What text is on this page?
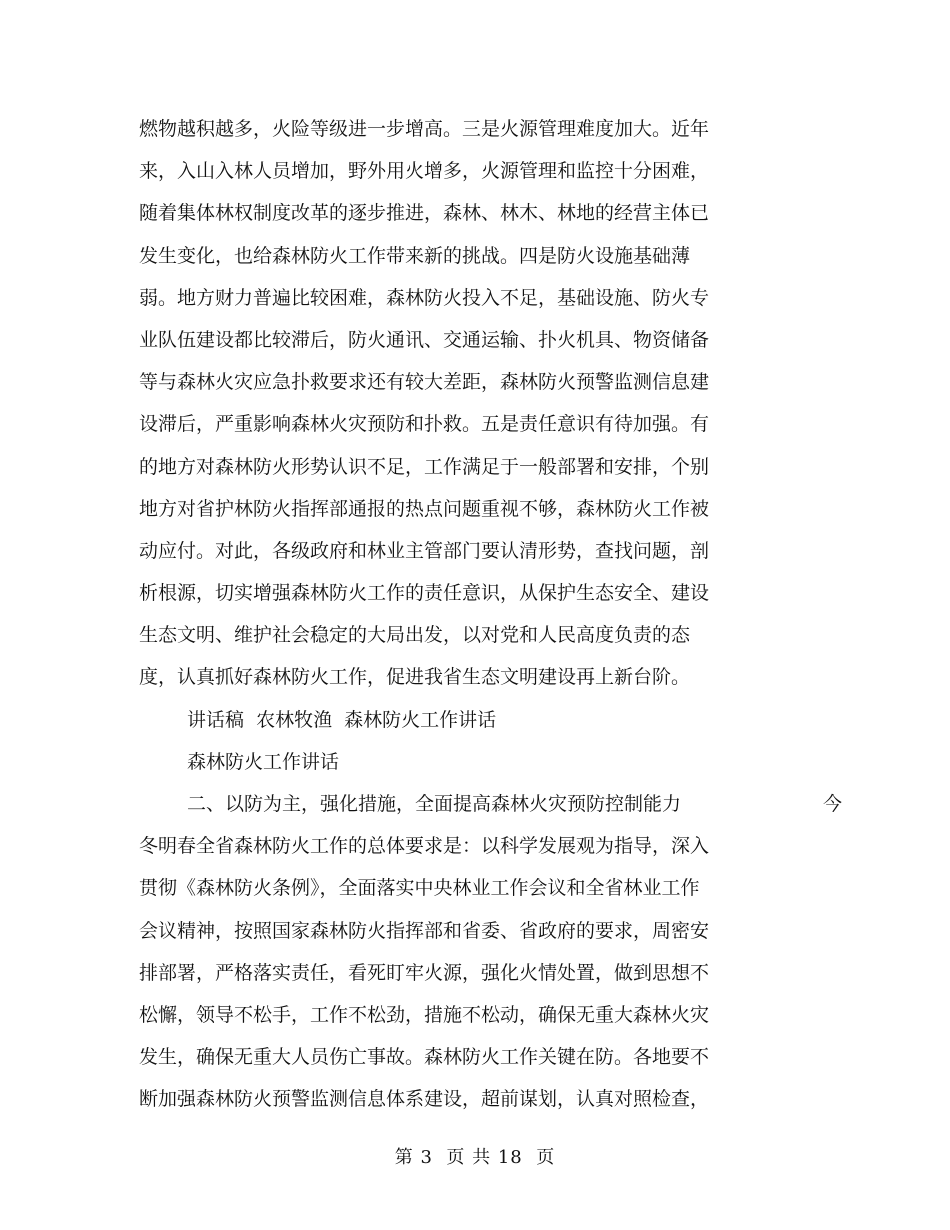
燃物越积越多，火险等级进一步增高。三是火源管理难度加大。近年
来，入山入林人员增加，野外用火增多，火源管理和监控十分困难，
随着集体林权制度改革的逐步推进，森林、林木、林地的经营主体已
发生变化，也给森林防火工作带来新的挑战。四是防火设施基础薄
弱。地方财力普遍比较困难，森林防火投入不足，基础设施、防火专
业队伍建设都比较滞后，防火通讯、交通运输、扑火机具、物资储备
等与森林火灾应急扑救要求还有较大差距，森林防火预警监测信息建
设滞后，严重影响森林火灾预防和扑救。五是责任意识有待加强。有
的地方对森林防火形势认识不足，工作满足于一般部署和安排，个别
地方对省护林防火指挥部通报的热点问题重视不够，森林防火工作被
动应付。对此，各级政府和林业主管部门要认清形势，查找问题，剖
析根源，切实增强森林防火工作的责任意识，从保护生态安全、建设
生态文明、维护社会稳定的大局出发，以对党和人民高度负责的态
度，认真抓好森林防火工作，促进我省生态文明建设再上新台阶。
讲话稿  农林牧渔  森林防火工作讲话
森林防火工作讲话
二、以防为主，强化措施，全面提高森林火灾预防控制能力	今
冬明春全省森林防火工作的总体要求是：以科学发展观为指导，深入
贯彻《森林防火条例》，全面落实中央林业工作会议和全省林业工作
会议精神，按照国家森林防火指挥部和省委、省政府的要求，周密安
排部署，严格落实责任，看死盯牢火源，强化火情处置，做到思想不
松懈，领导不松手，工作不松劲，措施不松动，确保无重大森林火灾
发生，确保无重大人员伤亡事故。森林防火工作关键在防。各地要不
断加强森林防火预警监测信息体系建设，超前谋划，认真对照检查，
第 3  页 共 18  页
